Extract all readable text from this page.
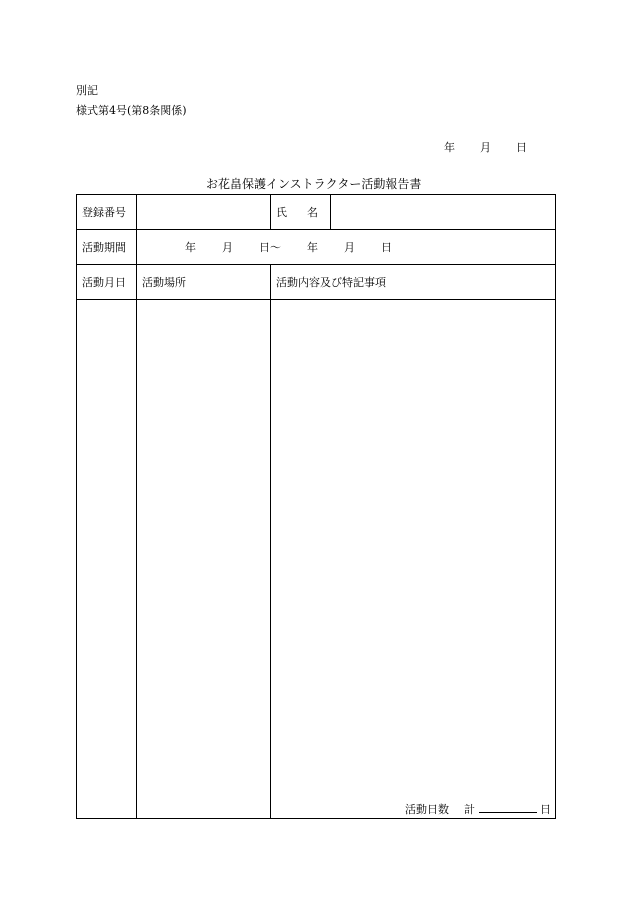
別記
様式第4号(第8条関係)
年 月 日
お花畠保護インストラクター活動報告書
登録番号		氏 名	
活動期間	年 月 日〜 年 月 日		
活動月日	活動場所	活動内容及び特記事項	
		活動日数 計 日	
